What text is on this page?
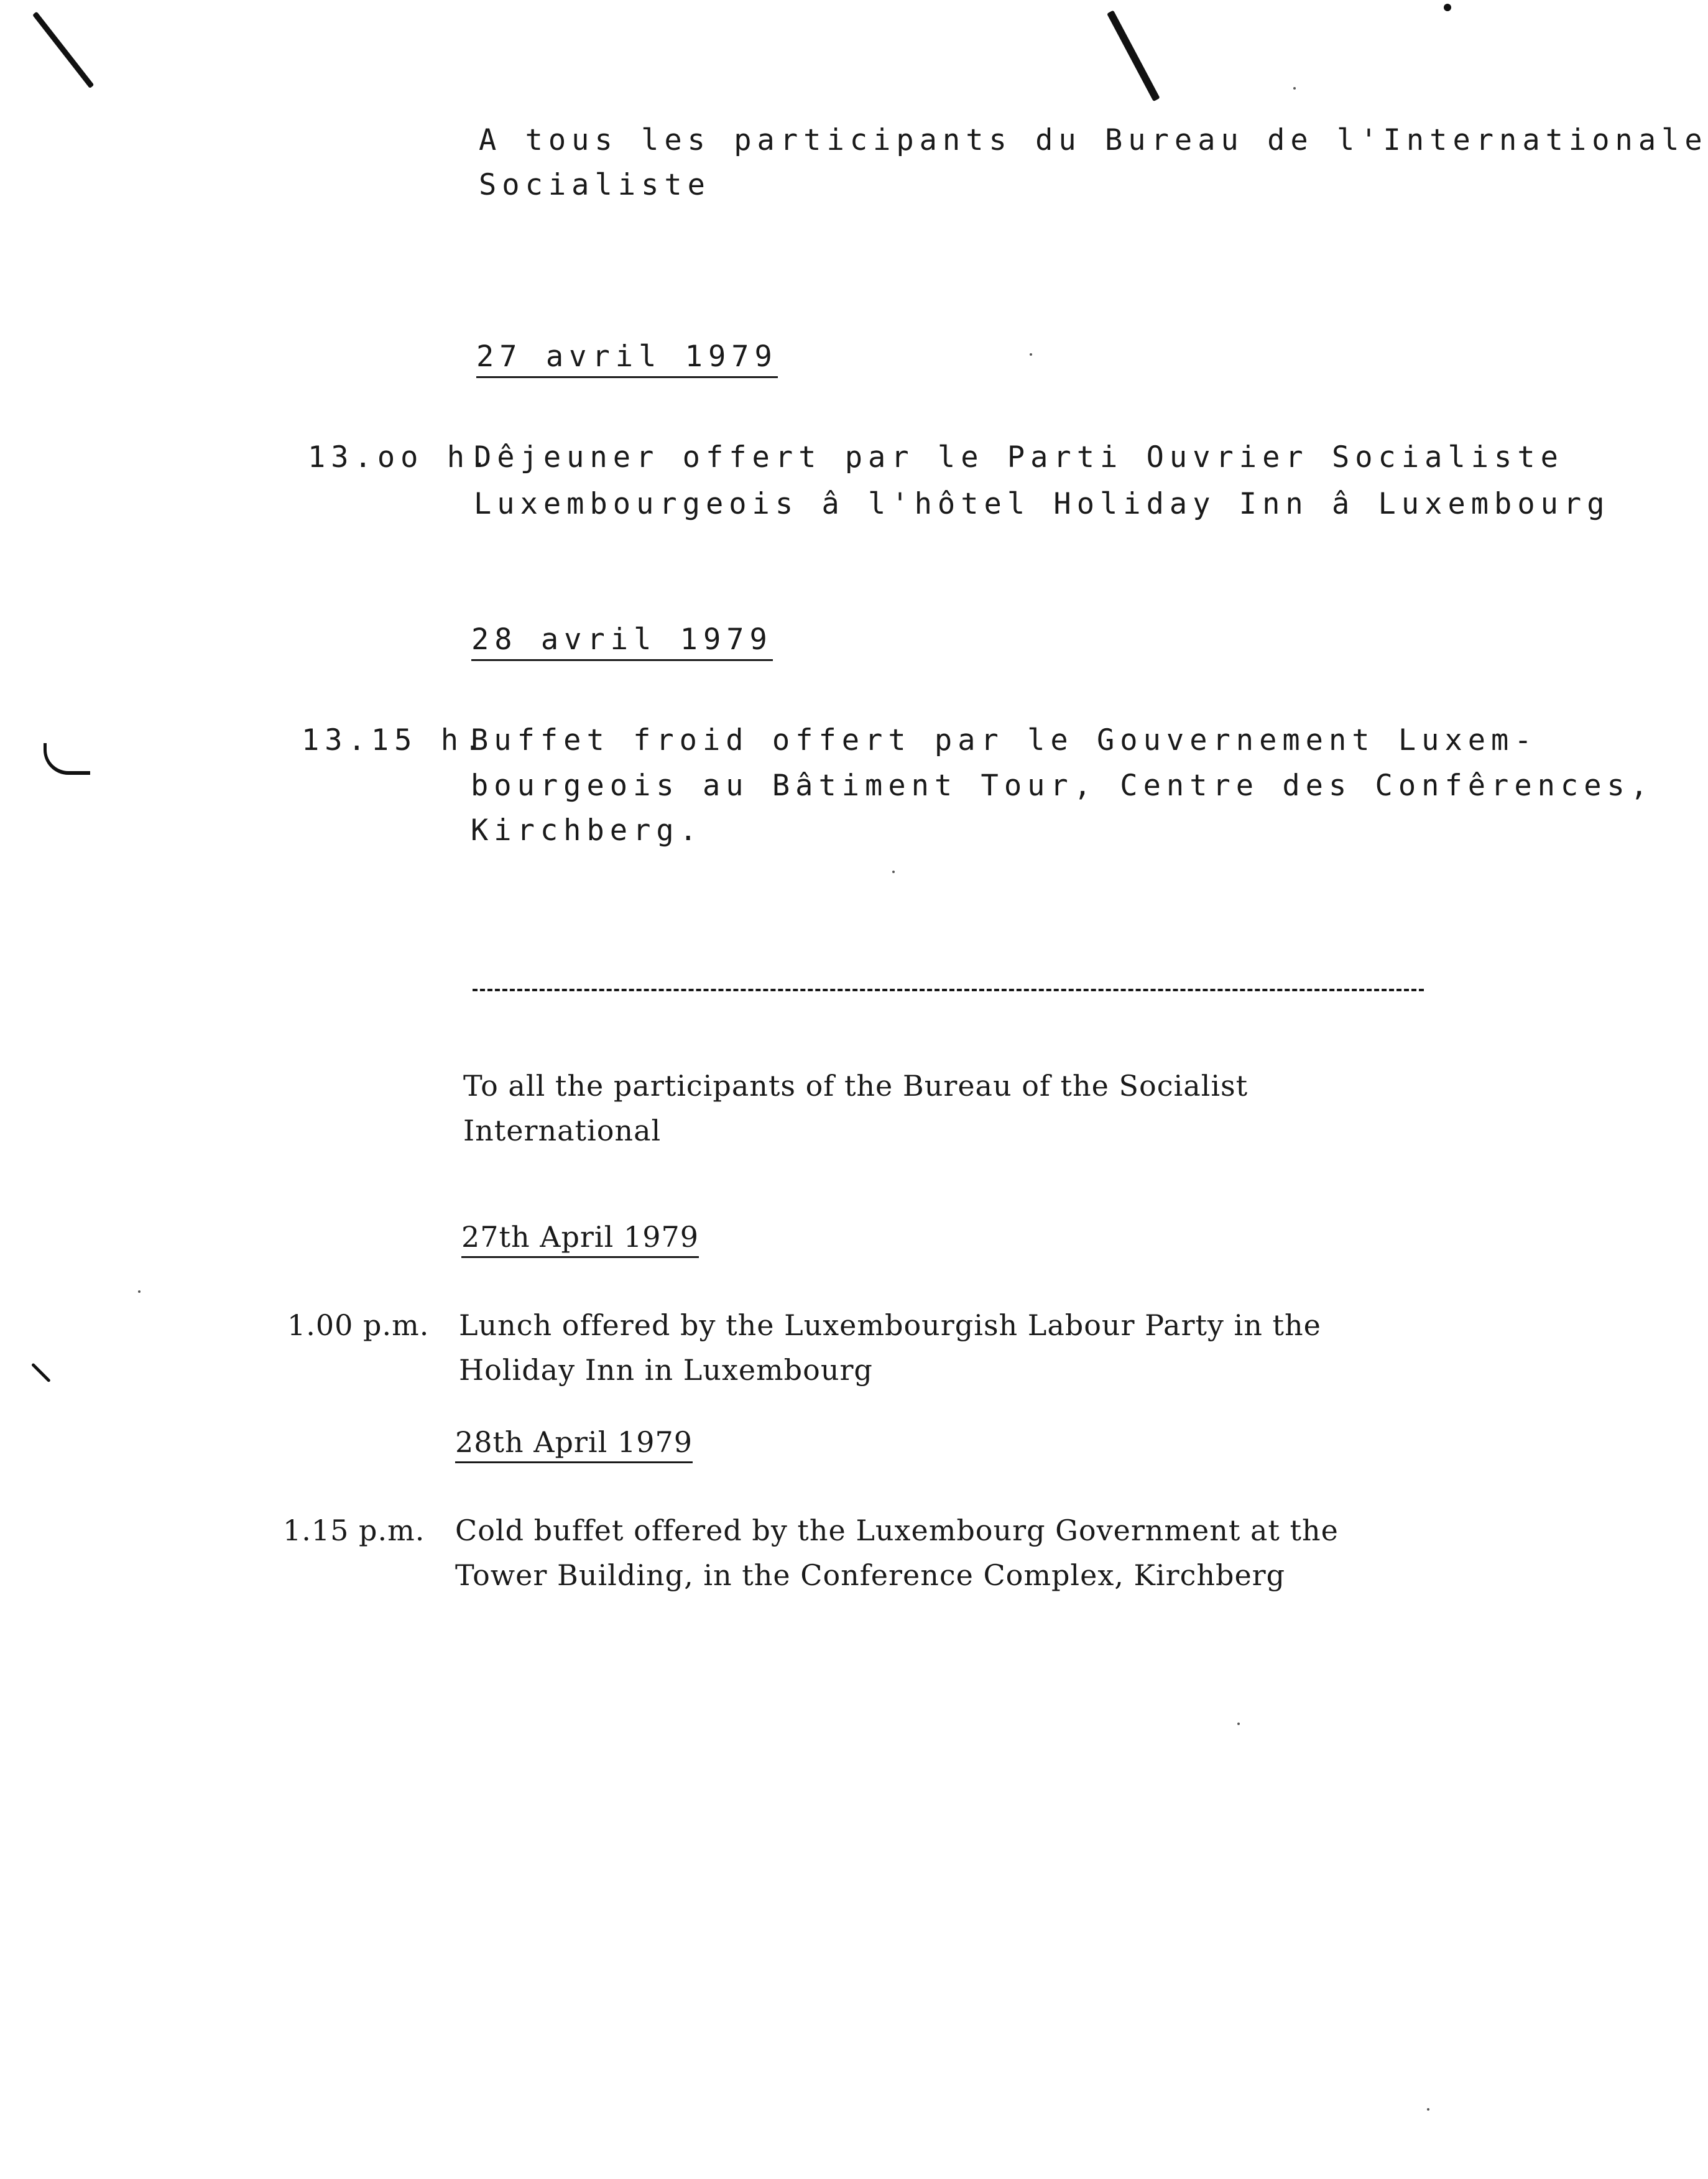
A tous les participants du Bureau de l'Internationale
Socialiste
27 avril 1979
13.oo h.
Dêjeuner offert par le Parti Ouvrier Socialiste
Luxembourgeois â l'hôtel Holiday Inn â Luxembourg
28 avril 1979
13.15 h.
Buffet froid offert par le Gouvernement Luxem-
bourgeois au Bâtiment Tour, Centre des Confêrences,
Kirchberg.
To all the participants of the Bureau of the Socialist
International
27th April 1979
1.00 p.m. Lunch offered by the Luxembourgish Labour Party in the
Holiday Inn in Luxembourg
28th April 1979
1.15 p.m. Cold buffet offered by the Luxembourg Government at the
Tower Building, in the Conference Complex, Kirchberg
